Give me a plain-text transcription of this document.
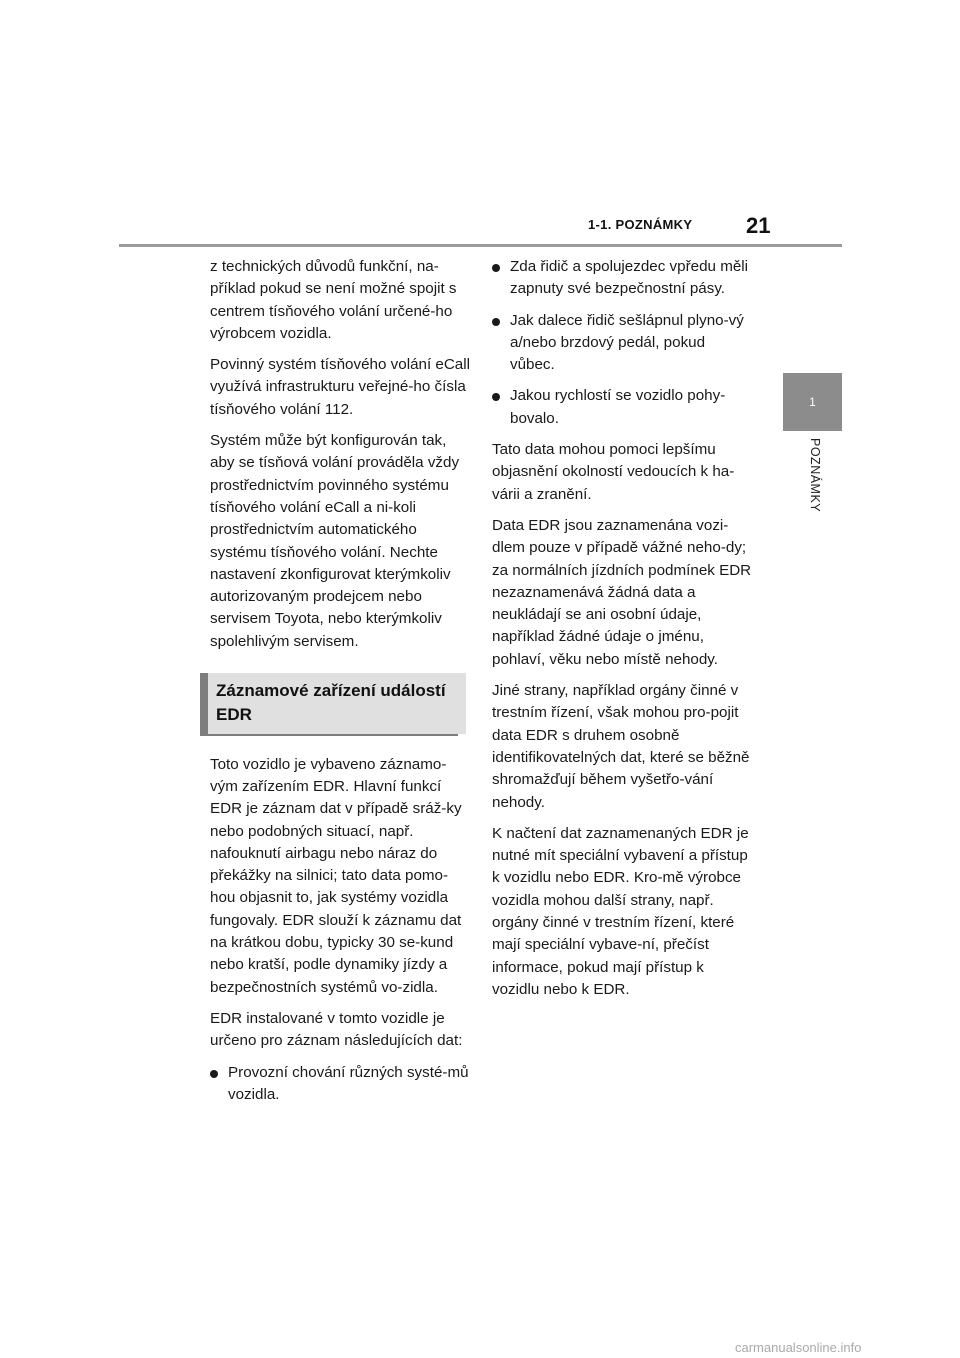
1-1. POZNÁMKY 21
1
POZNÁMKY

z technických důvodů funkční, na-příklad pokud se není možné spojit s centrem tísňového volání určené-ho výrobcem vozidla.

Povinný systém tísňového volání eCall využívá infrastrukturu veřejné-ho čísla tísňového volání 112.

Systém může být konfigurován tak, aby se tísňová volání prováděla vždy prostřednictvím povinného systému tísňového volání eCall a ni-koli prostřednictvím automatického systému tísňového volání. Nechte nastavení zkonfigurovat kterýmkoliv autorizovaným prodejcem nebo servisem Toyota, nebo kterýmkoliv spolehlivým servisem.

Záznamové zařízení událostí EDR

Toto vozidlo je vybaveno záznamo-vým zařízením EDR. Hlavní funkcí EDR je záznam dat v případě sráž-ky nebo podobných situací, např. nafouknutí airbagu nebo náraz do překážky na silnici; tato data pomo-hou objasnit to, jak systémy vozidla fungovaly. EDR slouží k záznamu dat na krátkou dobu, typicky 30 se-kund nebo kratší, podle dynamiky jízdy a bezpečnostních systémů vo-zidla.

EDR instalované v tomto vozidle je určeno pro záznam následujících dat:

Provozní chování různých systé-mů vozidla.
Zda řidič a spolujezdec vpředu měli zapnuty své bezpečnostní pásy.
Jak dalece řidič sešlápnul plyno-vý a/nebo brzdový pedál, pokud vůbec.
Jakou rychlostí se vozidlo pohy-bovalo.

Tato data mohou pomoci lepšímu objasnění okolností vedoucích k ha-várii a zranění.

Data EDR jsou zaznamenána vozi-dlem pouze v případě vážné neho-dy; za normálních jízdních podmínek EDR nezaznamenává žádná data a neukládají se ani osobní údaje, například žádné údaje o jménu, pohlaví, věku nebo místě nehody.

Jiné strany, například orgány činné v trestním řízení, však mohou pro-pojit data EDR s druhem osobně identifikovatelných dat, které se běžně shromažďují během vyšetřo-vání nehody.

K načtení dat zaznamenaných EDR je nutné mít speciální vybavení a přístup k vozidlu nebo EDR. Kro-mě výrobce vozidla mohou další strany, např. orgány činné v trestním řízení, které mají speciální vybave-ní, přečíst informace, pokud mají přístup k vozidlu nebo k EDR.

carmanualsonline.info
